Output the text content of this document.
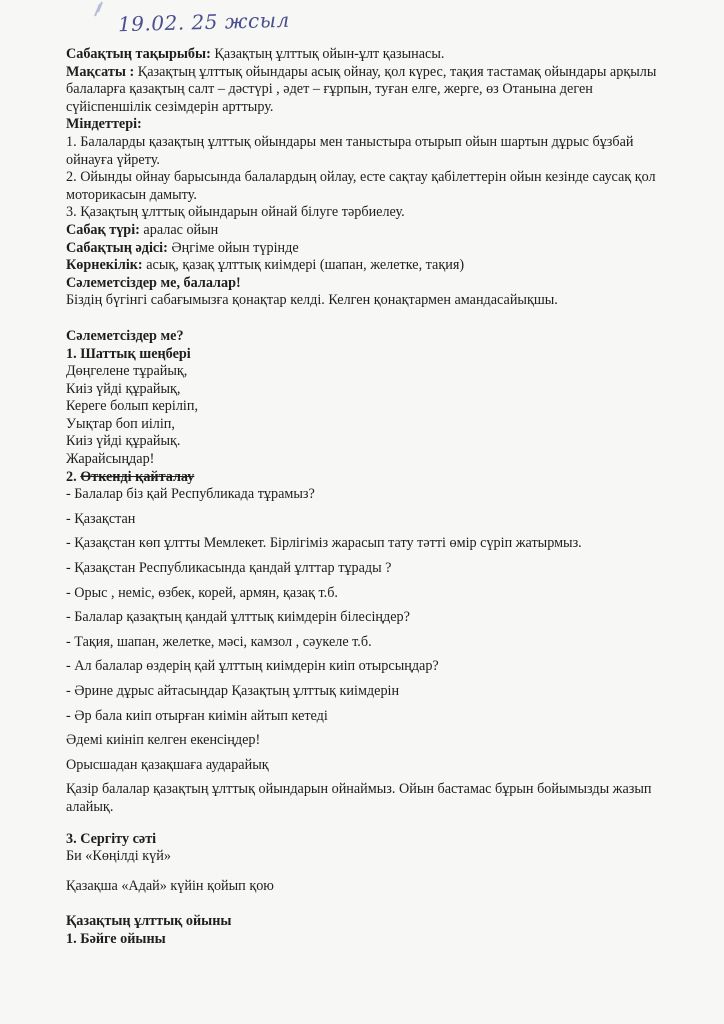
19.02. 25 жсыл

Сабақтың тақырыбы: Қазақтың ұлттық ойын-ұлт қазынасы.

Мақсаты : Қазақтың ұлттық ойындары асық ойнау, қол күрес, тақия тастамақ ойындары арқылы балаларға қазақтың салт – дәстүрі , әдет – ғұрпын, туған елге, жерге, өз Отанына деген сүйіспеншілік сезімдерін арттыру.

Міндеттері:

1. Балаларды қазақтың ұлттық ойындары мен таныстыра отырып ойын шартын дұрыс бұзбай ойнауға үйрету.

2. Ойынды ойнау барысында балалардың ойлау, есте сақтау қабілеттерін ойын кезінде саусақ қол моторикасын дамыту.

3. Қазақтың ұлттық ойындарын ойнай білуге тәрбиелеу.

Сабақ түрі: аралас ойын

Сабақтың әдісі: Әңгіме ойын түрінде

Көрнекілік: асық, қазақ ұлттық киімдері (шапан, желетке, тақия)

Сәлеметсіздер ме, балалар!

Біздің бүгінгі сабағымызға қонақтар келді. Келген қонақтармен амандасайықшы.

Сәлеметсіздер ме?

1. Шаттық шеңбері

Дөңгелене тұрайық,

Киіз үйді құрайық,

Кереге болып керіліп,

Уықтар боп иіліп,

Киіз үйді құрайық.

Жарайсыңдар!

2. Өткенді қайталау

- Балалар біз қай Республикада тұрамыз?

- Қазақстан

- Қазақстан көп ұлтты Мемлекет. Бірлігіміз жарасып тату тәтті өмір сүріп жатырмыз.

- Қазақстан Республикасында қандай ұлттар тұрады ?

- Орыс , неміс, өзбек, корей, армян, қазақ т.б.

- Балалар қазақтың қандай ұлттық киімдерін білесіңдер?

- Тақия, шапан, желетке, мәсі, камзол , сәукеле т.б.

- Ал балалар өздерің қай ұлттың киімдерін киіп отырсыңдар?

- Әрине дұрыс айтасыңдар Қазақтың ұлттық киімдерін

- Әр бала киіп отырған киімін айтып кетеді

Әдемі киініп келген екенсіңдер!

Орысшадан қазақшаға аударайық

Қазір балалар қазақтың ұлттық ойындарын ойнаймыз. Ойын бастамас бұрын бойымызды жазып алайық.

3. Сергіту сәті

Би «Көңілді күй»

Қазақша «Адай» күйін қойып қою

Қазақтың ұлттық ойыны

1. Бәйге ойыны
